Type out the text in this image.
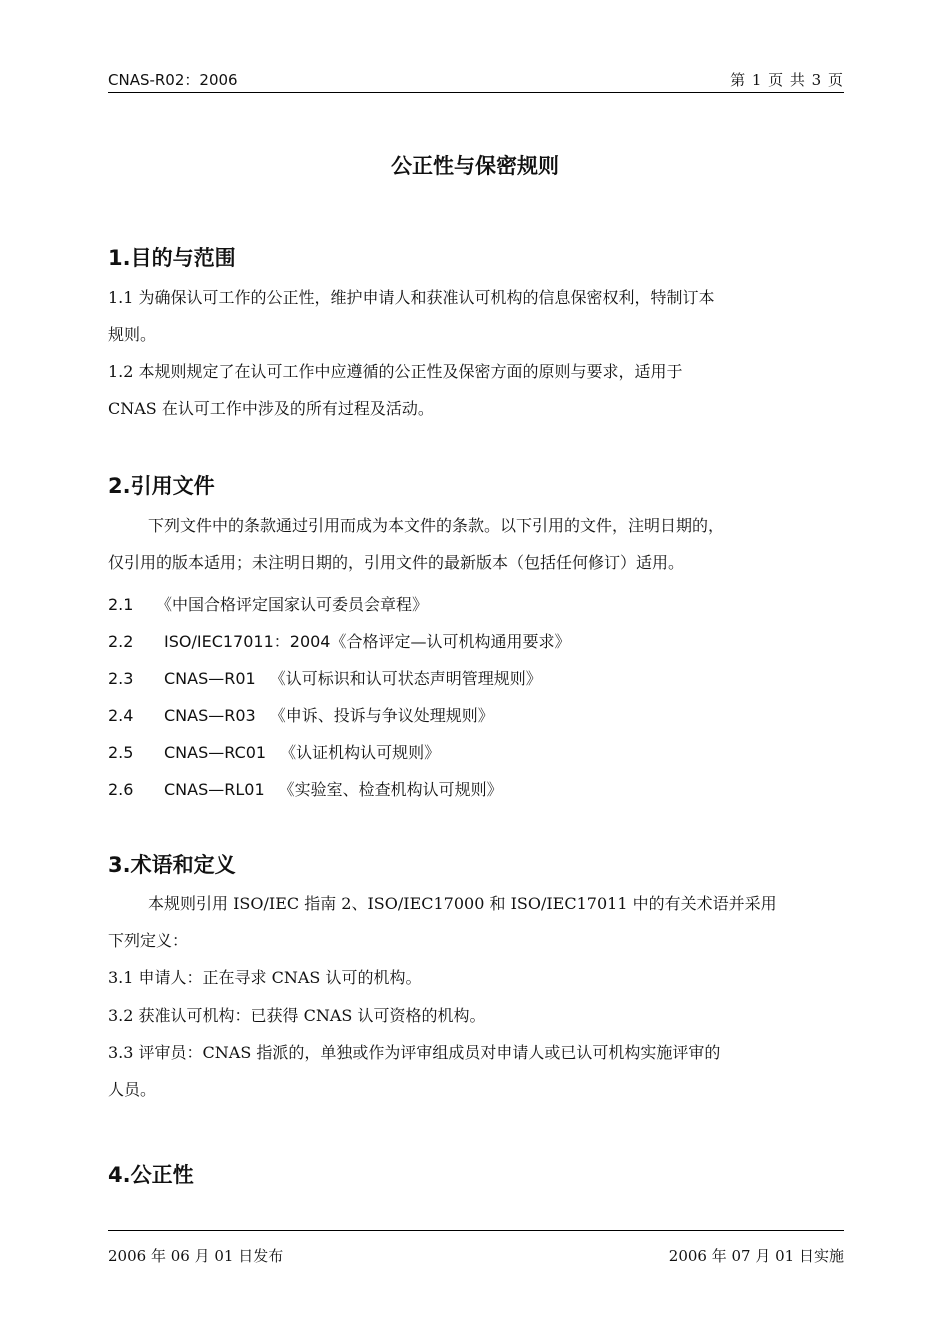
CNAS-R02：2006	第 1 页 共 3 页
公正性与保密规则
1.目的与范围
1.1 为确保认可工作的公正性，维护申请人和获准认可机构的信息保密权利，特制订本
规则。
1.2 本规则规定了在认可工作中应遵循的公正性及保密方面的原则与要求，适用于
CNAS 在认可工作中涉及的所有过程及活动。
2.引用文件
下列文件中的条款通过引用而成为本文件的条款。以下引用的文件，注明日期的，
仅引用的版本适用；未注明日期的，引用文件的最新版本（包括任何修订）适用。
2.1 《中国合格评定国家认可委员会章程》
2.2 ISO/IEC17011：2004《合格评定—认可机构通用要求》
2.3 CNAS—R01 《认可标识和认可状态声明管理规则》
2.4 CNAS—R03 《申诉、投诉与争议处理规则》
2.5 CNAS—RC01 《认证机构认可规则》
2.6 CNAS—RL01 《实验室、检查机构认可规则》
3.术语和定义
本规则引用 ISO/IEC 指南 2、ISO/IEC17000 和 ISO/IEC17011 中的有关术语并采用
下列定义：
3.1 申请人：正在寻求 CNAS 认可的机构。
3.2 获准认可机构：已获得 CNAS 认可资格的机构。
3.3 评审员：CNAS 指派的，单独或作为评审组成员对申请人或已认可机构实施评审的
人员。
4.公正性
2006 年 06 月 01 日发布	2006 年 07 月 01 日实施
